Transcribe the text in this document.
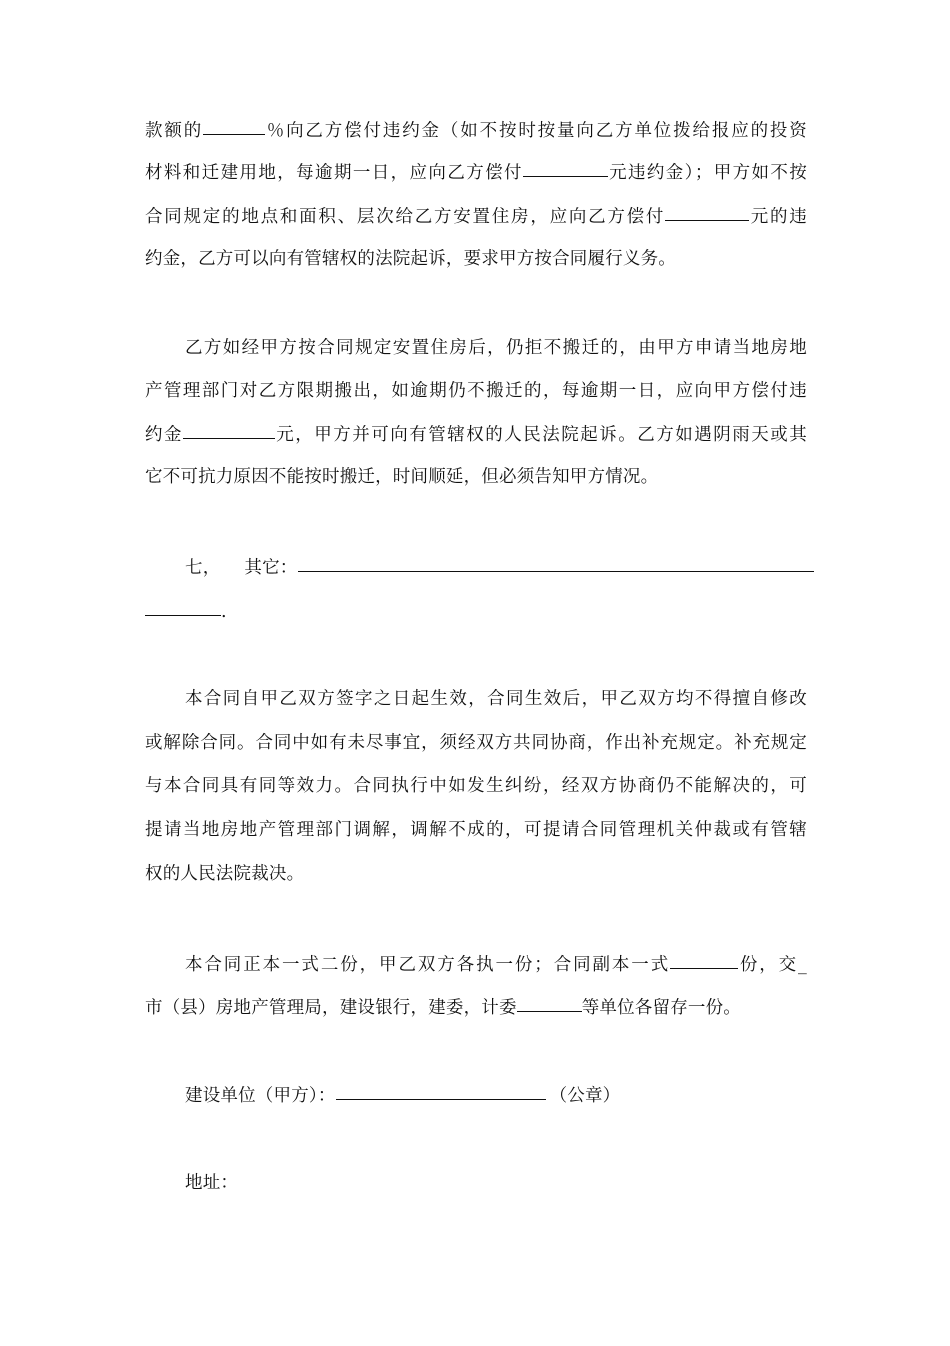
款额的	％向乙方偿付违约金（如不按时按量向乙方单位拨给报应的投资
材料和迁建用地，每逾期一日，应向乙方偿付	元违约金）；甲方如不按
合同规定的地点和面积、层次给乙方安置住房，应向乙方偿付	元的违
约金，乙方可以向有管辖权的法院起诉，要求甲方按合同履行义务。
乙方如经甲方按合同规定安置住房后，仍拒不搬迁的，由甲方申请当地房地
产管理部门对乙方限期搬出，如逾期仍不搬迁的，每逾期一日，应向甲方偿付违
约金	元，甲方并可向有管辖权的人民法院起诉。乙方如遇阴雨天或其
它不可抗力原因不能按时搬迁，时间顺延，但必须告知甲方情况。
七， 其它：
.
本合同自甲乙双方签字之日起生效，合同生效后，甲乙双方均不得擅自修改
或解除合同。合同中如有未尽事宜，须经双方共同协商，作出补充规定。补充规定
与本合同具有同等效力。合同执行中如发生纠纷，经双方协商仍不能解决的，可
提请当地房地产管理部门调解，调解不成的，可提请合同管理机关仲裁或有管辖
权的人民法院裁决。
本合同正本一式二份，甲乙双方各执一份；合同副本一式	份，交_
市（县）房地产管理局，建设银行，建委，计委	等单位各留存一份。
建设单位（甲方）：	（公章）
地址：
